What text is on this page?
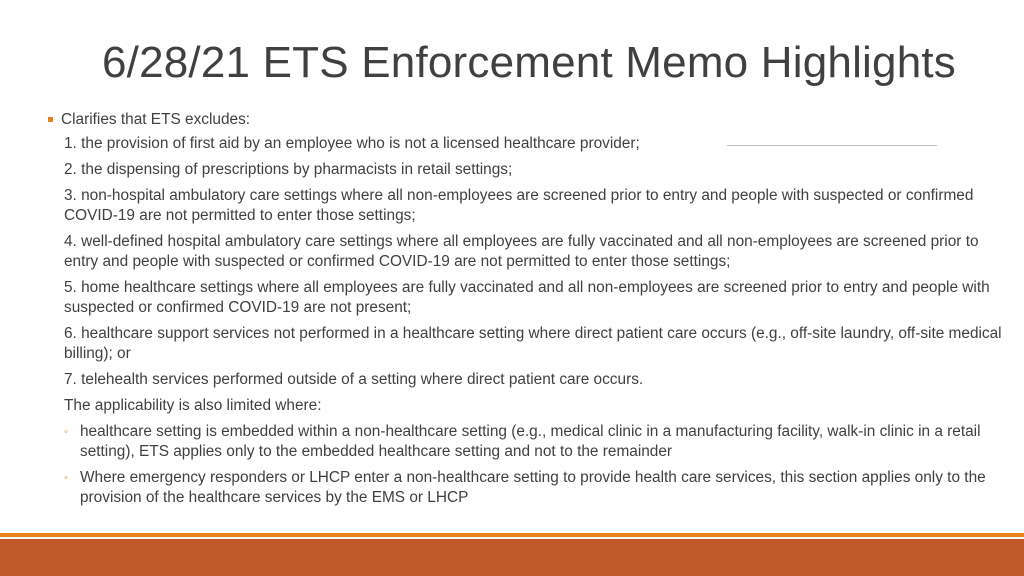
6/28/21 ETS Enforcement Memo Highlights
Clarifies that ETS excludes:
1. the provision of first aid by an employee who is not a licensed healthcare provider;
2. the dispensing of prescriptions by pharmacists in retail settings;
3. non-hospital ambulatory care settings where all non-employees are screened prior to entry and people with suspected or confirmed COVID-19 are not permitted to enter those settings;
4. well-defined hospital ambulatory care settings where all employees are fully vaccinated and all non-employees are screened prior to entry and people with suspected or confirmed COVID-19 are not permitted to enter those settings;
5. home healthcare settings where all employees are fully vaccinated and all non-employees are screened prior to entry and people with suspected or confirmed COVID-19 are not present;
6. healthcare support services not performed in a healthcare setting where direct patient care occurs (e.g., off-site laundry, off-site medical billing); or
7. telehealth services performed outside of a setting where direct patient care occurs.
The applicability is also limited where:
◦ healthcare setting is embedded within a non-healthcare setting (e.g., medical clinic in a manufacturing facility, walk-in clinic in a retail setting), ETS applies only to the embedded healthcare setting and not to the remainder
◦ Where emergency responders or LHCP enter a non-healthcare setting to provide health care services, this section applies only to the provision of the healthcare services by the EMS or LHCP
